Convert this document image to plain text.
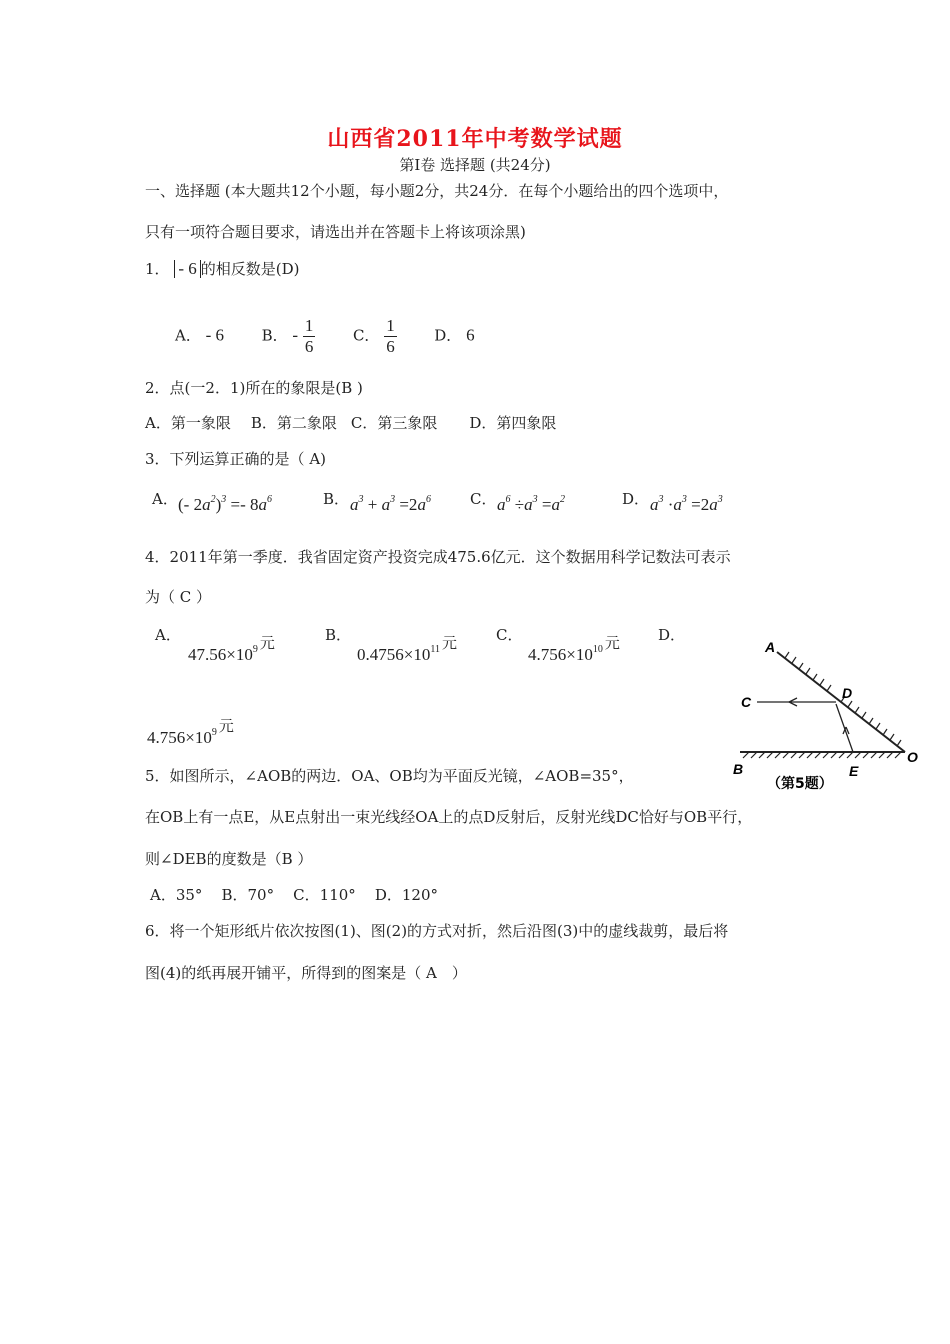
山西省2011年中考数学试题
第Ⅰ卷 选择题 (共24分)
一、选择题 (本大题共12个小题，每小题2分，共24分．在每个小题给出的四个选项中，
只有一项符合题目要求，请选出并在答题卡上将该项涂黑)
1． - 6 的相反数是(D)
A． - 6	B． - $\frac{1}{6}$	C． $\frac{1}{6}$	D． 6
2．点(一2．1)所在的象限是(B )
A．第一象限 B．第二象限 C．第三象限 D．第四象限
3．下列运算正确的是（ A)
A． (- $2a^2)^3 =- 8a^6$	B． $a^3 + a^3 =2a^6$	C． $a^6 \div a^3 =a^2$	D． $a^3 \cdot a^3 =2a^3$
4．2011年第一季度．我省固定资产投资完成475.6亿元．这个数据用科学记数法可表示
为（ C ）
A．
$47.56\times 10^9$ 元	B．
$0.4756\times 10^{11}$ 元	C．
$4.756\times 10^{10}$ 元	D．
$4.756\times 10^9$ 元
A
C
D
B	E
O
（第5题）
5．如图所示，∠AOB的两边．OA、OB均为平面反光镜，∠AOB=35°，
在OB上有一点E，从E点射出一束光线经OA上的点D反射后，反射光线DC恰好与OB平行，
则∠DEB的度数是（B ）
A．35°    B．70°    C．110°    D．120°
6．将一个矩形纸片依次按图(1)、图(2)的方式对折，然后沿图(3)中的虚线裁剪，最后将
图(4)的纸再展开铺平，所得到的图案是（ A　）
